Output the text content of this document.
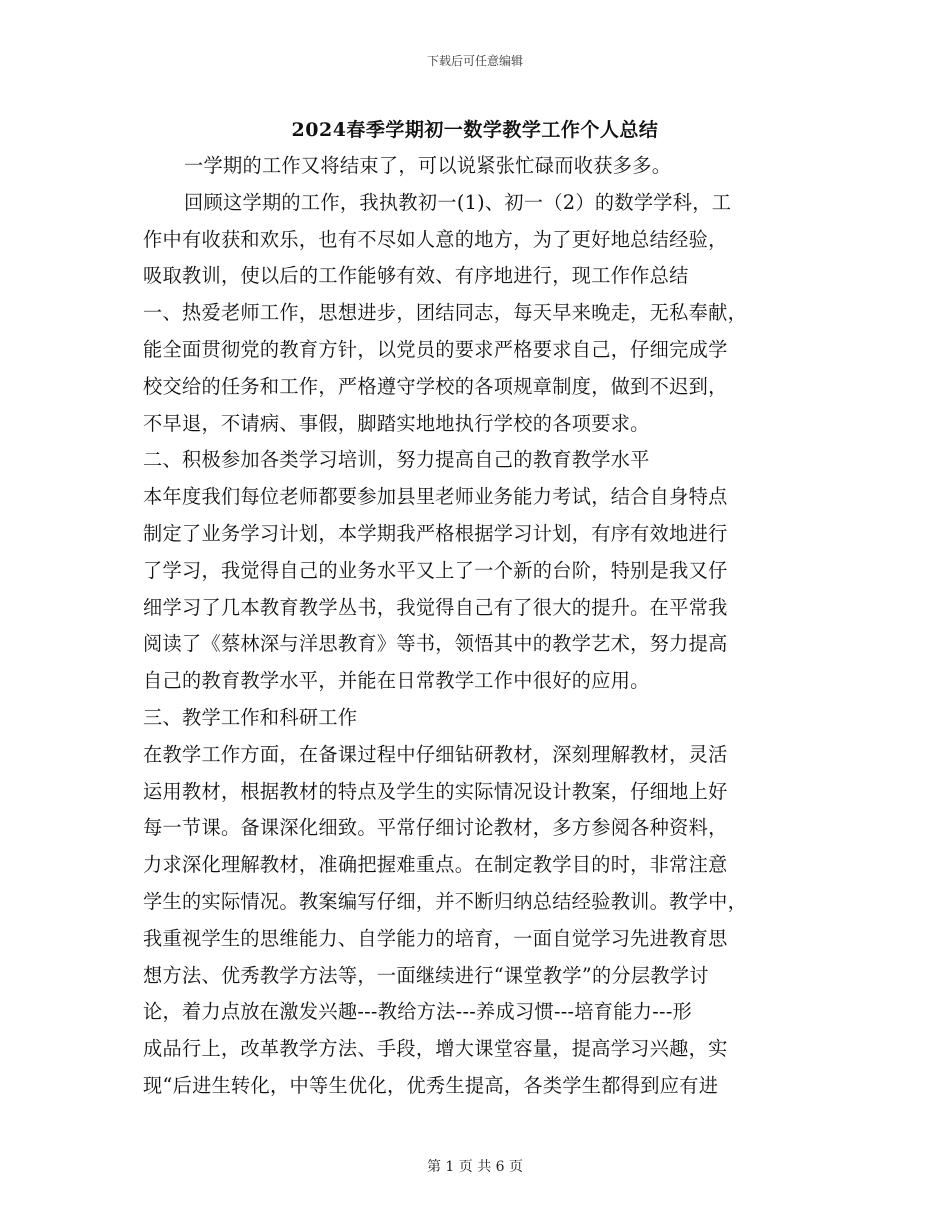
下载后可任意编辑
2024春季学期初一数学教学工作个人总结
一学期的工作又将结束了，可以说紧张忙碌而收获多多。
回顾这学期的工作，我执教初一(1)、初一（2）的数学学科，工
作中有收获和欢乐，也有不尽如人意的地方，为了更好地总结经验，
吸取教训，使以后的工作能够有效、有序地进行，现工作作总结
一、热爱老师工作，思想进步，团结同志，每天早来晚走，无私奉献，
能全面贯彻党的教育方针，以党员的要求严格要求自己，仔细完成学
校交给的任务和工作，严格遵守学校的各项规章制度，做到不迟到，
不早退，不请病、事假，脚踏实地地执行学校的各项要求。
二、积极参加各类学习培训，努力提高自己的教育教学水平
本年度我们每位老师都要参加县里老师业务能力考试，结合自身特点
制定了业务学习计划，本学期我严格根据学习计划，有序有效地进行
了学习，我觉得自己的业务水平又上了一个新的台阶，特别是我又仔
细学习了几本教育教学丛书，我觉得自己有了很大的提升。在平常我
阅读了《蔡林深与洋思教育》等书，领悟其中的教学艺术，努力提高
自己的教育教学水平，并能在日常教学工作中很好的应用。
三、教学工作和科研工作
在教学工作方面，在备课过程中仔细钻研教材，深刻理解教材，灵活
运用教材，根据教材的特点及学生的实际情况设计教案，仔细地上好
每一节课。备课深化细致。平常仔细讨论教材，多方参阅各种资料，
力求深化理解教材，准确把握难重点。在制定教学目的时，非常注意
学生的实际情况。教案编写仔细，并不断归纳总结经验教训。教学中，
我重视学生的思维能力、自学能力的培育，一面自觉学习先进教育思
想方法、优秀教学方法等，一面继续进行“课堂教学”的分层教学讨
论，着力点放在激发兴趣---教给方法---养成习惯---培育能力---形
成品行上，改革教学方法、手段，增大课堂容量，提高学习兴趣，实
现“后进生转化，中等生优化，优秀生提高，各类学生都得到应有进
第 1 页 共 6 页
